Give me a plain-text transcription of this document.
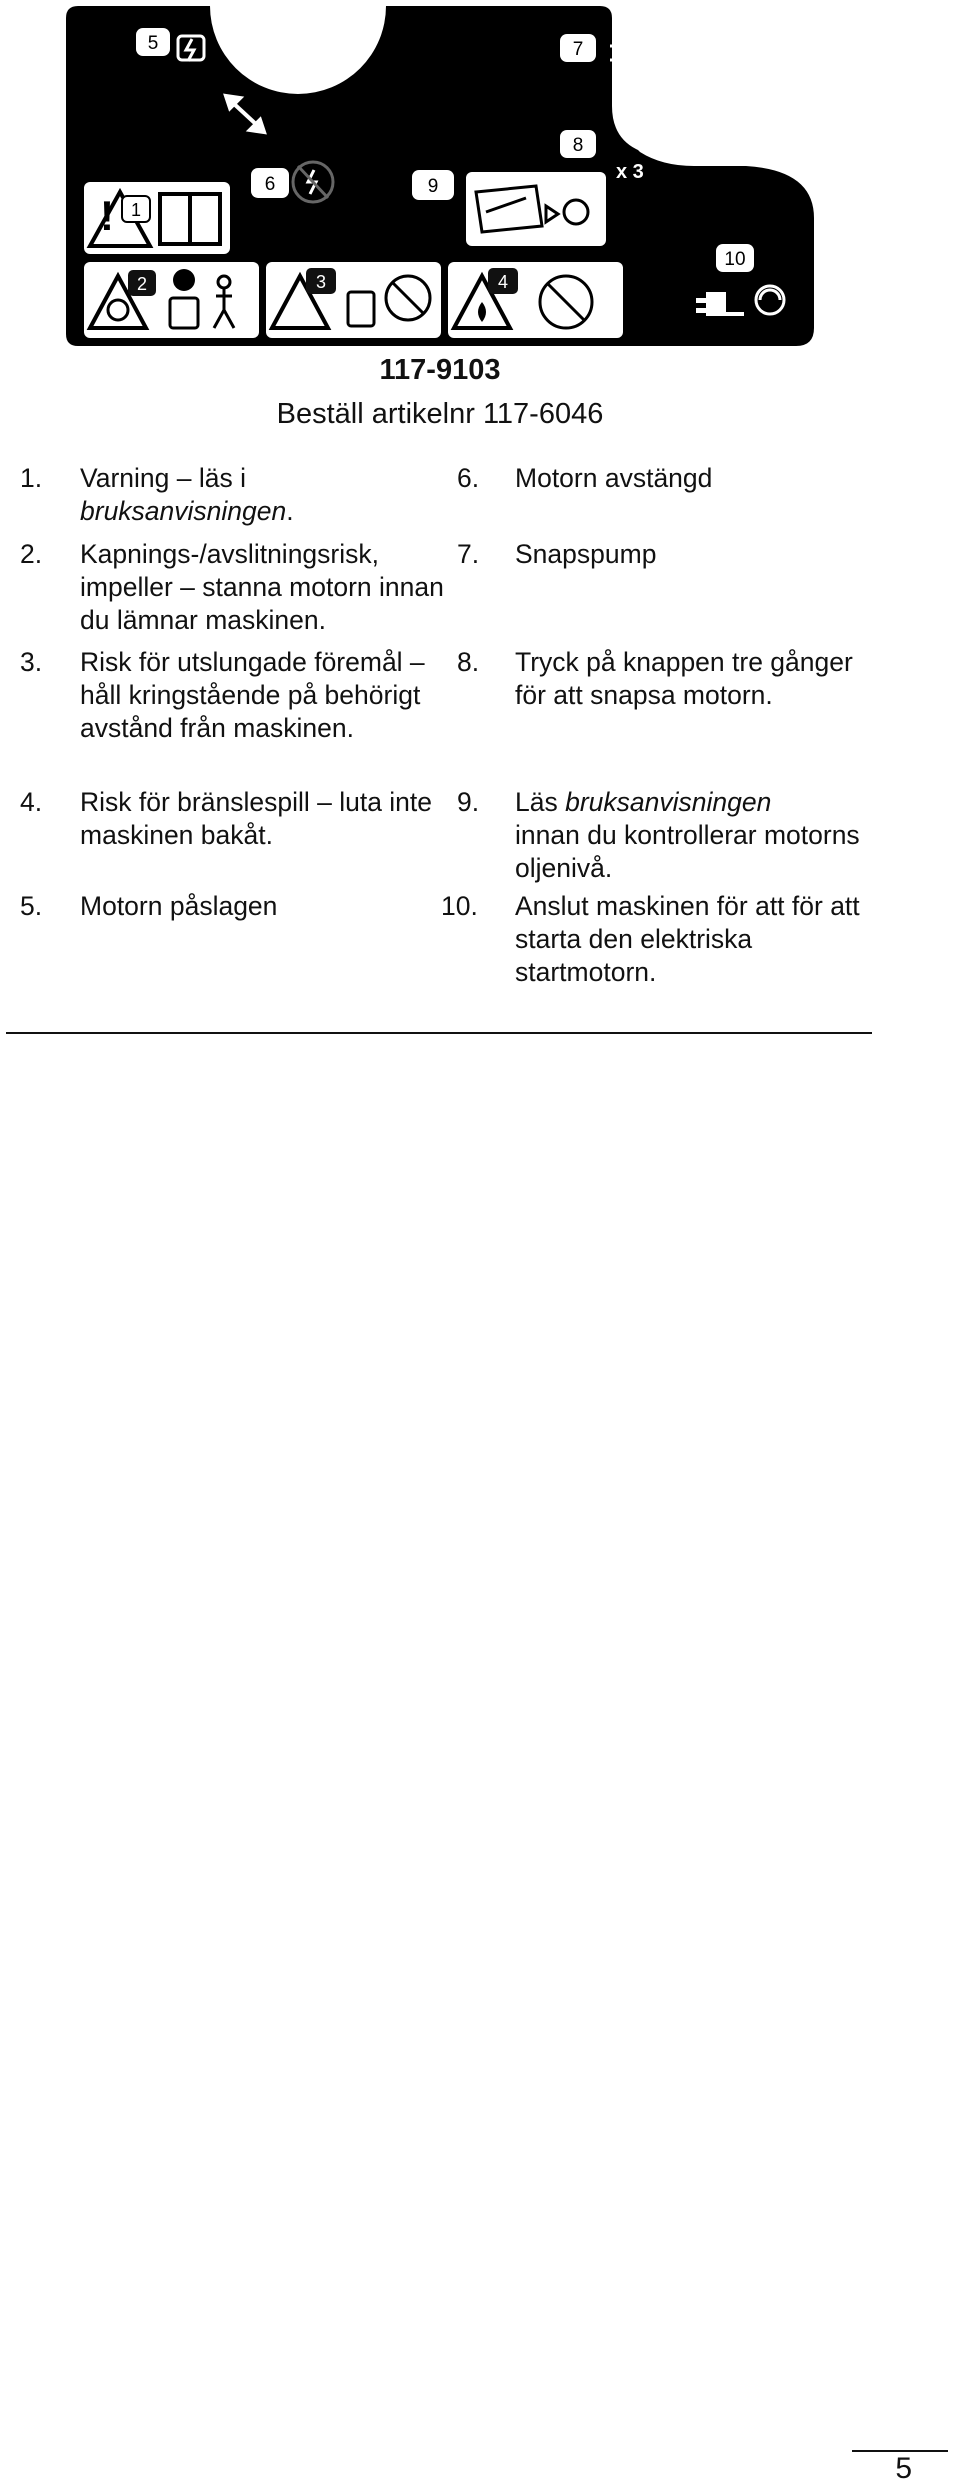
5	7
8
6	9
10
x 3
! 1
2	3	4
117-9103
Beställ artikelnr 117-6046
1. Varning – läs i
bruksanvisningen.
2. Kapnings-/avslitningsrisk, impeller – stanna motorn innan du lämnar maskinen.
3. Risk för utslungade föremål – håll kringstående på behörigt avstånd från maskinen.
4. Risk för bränslespill – luta inte maskinen bakåt.
5. Motorn påslagen
6. Motorn avstängd
7. Snapspump
8. Tryck på knappen tre gånger för att snapsa motorn.
9. Läs bruksanvisningen
innan du kontrollerar motorns oljenivå.
10. Anslut maskinen för att för att starta den elektriska startmotorn.
5
